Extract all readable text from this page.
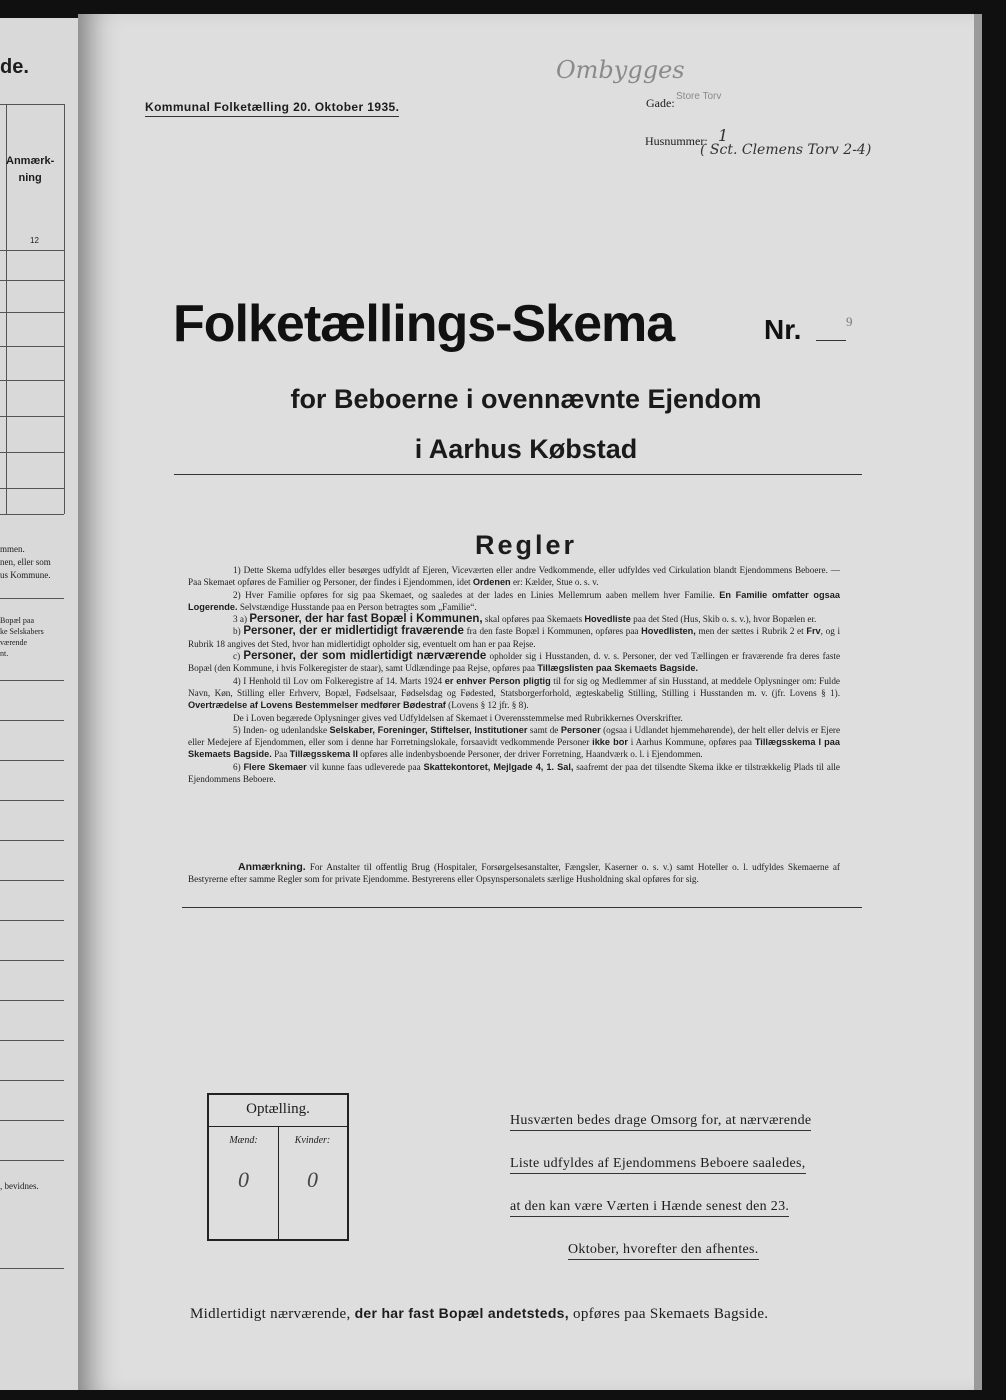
de.
Anmærk-
ning
12
mmen.
nen, eller som
us Kommune.
Bopæl paa
ke Selskabers
værende
nt.
, bevidnes.
Kommunal Folketælling 20. Oktober 1935.
Ombygges
Gade: Store Torv
Husnummer: 1
( Sct. Clemens Torv 2-4)
Folketællings-Skema	Nr.	9
for Beboerne i ovennævnte Ejendom
i Aarhus Købstad
Regler

1) Dette Skema udfyldes eller besørges udfyldt af Ejeren, Viceværten eller andre Vedkommende, eller udfyldes ved Cirkulation blandt Ejendommens Beboere. — Paa Skemaet opføres de Familier og Personer, der findes i Ejendommen, idet Ordenen er: Kælder, Stue o. s. v.

2) Hver Familie opføres for sig paa Skemaet, og saaledes at der lades en Linies Mellemrum aaben mellem hver Familie. En Familie omfatter ogsaa Logerende. Selvstændige Husstande paa en Person betragtes som „Familie“.

3 a) Personer, der har fast Bopæl i Kommunen, skal opføres paa Skemaets Hovedliste paa det Sted (Hus, Skib o. s. v.), hvor Bopælen er.

b) Personer, der er midlertidigt fraværende fra den faste Bopæl i Kommunen, opføres paa Hovedlisten, men der sættes i Rubrik 2 et Frv, og i Rubrik 18 angives det Sted, hvor han midlertidigt opholder sig, eventuelt om han er paa Rejse.

c) Personer, der som midlertidigt nærværende opholder sig i Husstanden, d. v. s. Personer, der ved Tællingen er fraværende fra deres faste Bopæl (den Kommune, i hvis Folkeregister de staar), samt Udlændinge paa Rejse, opføres paa Tillægslisten paa Skemaets Bagside.

4) I Henhold til Lov om Folkeregistre af 14. Marts 1924 er enhver Person pligtig til for sig og Medlemmer af sin Husstand, at meddele Oplysninger om: Fulde Navn, Køn, Stilling eller Erhverv, Bopæl, Fødselsaar, Fødselsdag og Fødested, Statsborgerforhold, ægteskabelig Stilling, Stilling i Husstanden m. v. (jfr. Lovens § 1). Overtrædelse af Lovens Bestemmelser medfører Bødestraf (Lovens § 12 jfr. § 8).

De i Loven begærede Oplysninger gives ved Udfyldelsen af Skemaet i Overensstemmelse med Rubrikkernes Overskrifter.

5) Inden- og udenlandske Selskaber, Foreninger, Stiftelser, Institutioner samt de Personer (ogsaa i Udlandet hjemmehørende), der helt eller delvis er Ejere eller Medejere af Ejendommen, eller som i denne har Forretningslokale, forsaavidt vedkommende Personer ikke bor i Aarhus Kommune, opføres paa Tillægsskema I paa Skemaets Bagside. Paa Tillægsskema II opføres alle indenbysboende Personer, der driver Forretning, Haandværk o. l. i Ejendommen.

6) Flere Skemaer vil kunne faas udleverede paa Skattekontoret, Mejlgade 4, 1. Sal, saafremt der paa det tilsendte Skema ikke er tilstrækkelig Plads til alle Ejendommens Beboere.

Anmærkning. For Anstalter til offentlig Brug (Hospitaler, Forsørgelsesanstalter, Fængsler, Kaserner o. s. v.) samt Hoteller o. l. udfyldes Skemaerne af Bestyrerne efter samme Regler som for private Ejendomme. Bestyrerens eller Opsynspersonalets særlige Husholdning skal opføres for sig.

Optælling.
Mænd:	Kvinder:
0	0
Husværten bedes drage Omsorg for, at nærværende Liste udfyldes af Ejendommens Beboere saaledes, at den kan være Værten i Hænde senest den 23. Oktober, hvorefter den afhentes.
Midlertidigt nærværende, der har fast Bopæl andetsteds, opføres paa Skemaets Bagside.
